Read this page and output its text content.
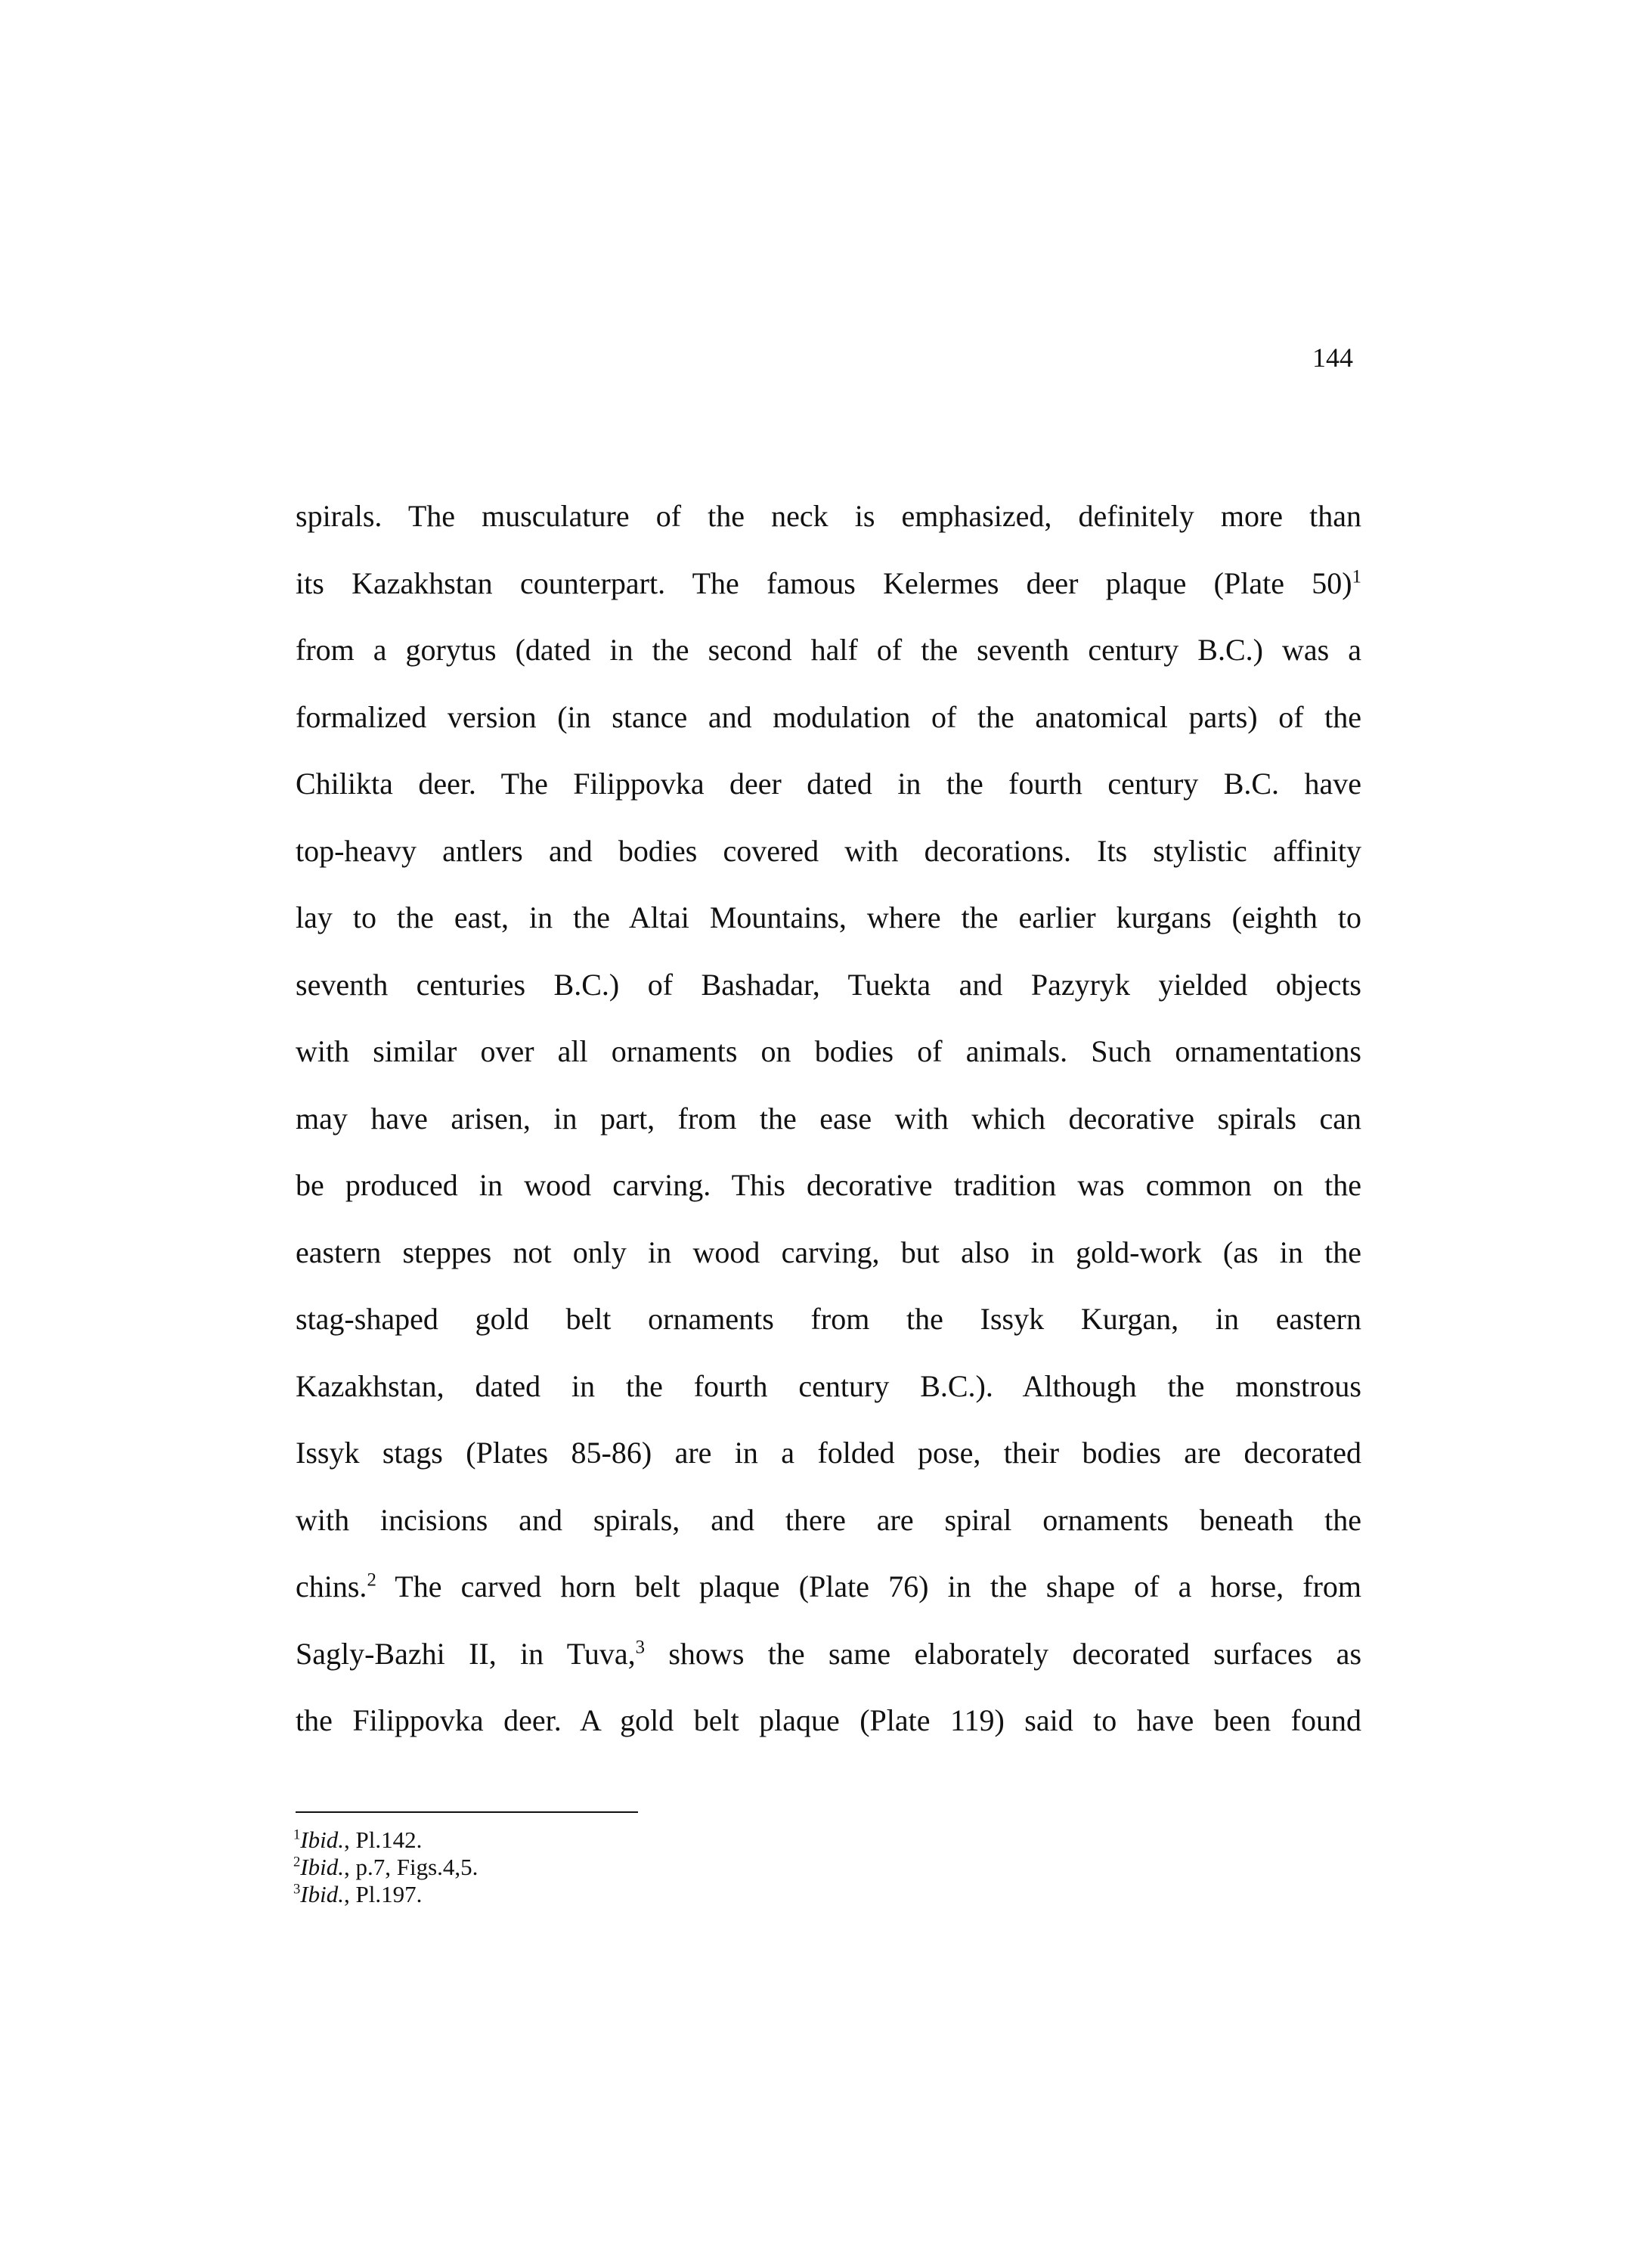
144
spirals. The musculature of the neck is emphasized, definitely more than
its Kazakhstan counterpart. The famous Kelermes deer plaque (Plate 50)$^1$
from a gorytus (dated in the second half of the seventh century B.C.) was a
formalized version (in stance and modulation of the anatomical parts) of the
Chilikta deer. The Filippovka deer dated in the fourth century B.C. have
top-heavy antlers and bodies covered with decorations. Its stylistic affinity
lay to the east, in the Altai Mountains, where the earlier kurgans (eighth to
seventh centuries B.C.) of Bashadar, Tuekta and Pazyryk yielded objects
with similar over all ornaments on bodies of animals. Such ornamentations
may have arisen, in part, from the ease with which decorative spirals can
be produced in wood carving. This decorative tradition was common on the
eastern steppes not only in wood carving, but also in gold-work (as in the
stag-shaped gold belt ornaments from the Issyk Kurgan, in eastern
Kazakhstan, dated in the fourth century B.C.). Although the monstrous
Issyk stags (Plates 85-86) are in a folded pose, their bodies are decorated
with incisions and spirals, and there are spiral ornaments beneath the
chins.$^2$ The carved horn belt plaque (Plate 76) in the shape of a horse, from
Sagly-Bazhi II, in Tuva,$^3$ shows the same elaborately decorated surfaces as
the Filippovka deer. A gold belt plaque (Plate 119) said to have been found
$^1$Ibid., Pl.142.
$^2$Ibid., p.7, Figs.4,5.
$^3$Ibid., Pl.197.
